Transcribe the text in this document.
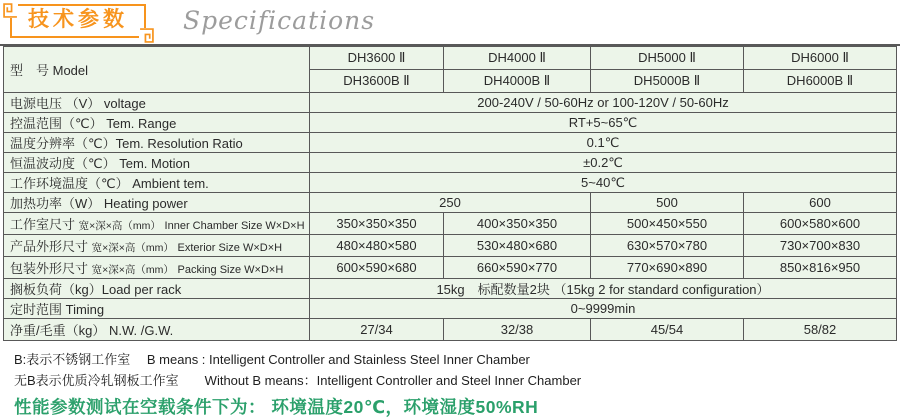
技术参数	Specifications
型　号 Model	DH3600 Ⅱ	DH4000 Ⅱ	DH5000 Ⅱ	DH6000 Ⅱ
	DH3600B Ⅱ	DH4000B Ⅱ	DH5000B Ⅱ	DH6000B Ⅱ
电源电压 （V） voltage	200-240V / 50-60Hz or 100-120V / 50-60Hz			
控温范围（℃） Tem. Range	RT+5~65℃			
温度分辨率（℃）Tem. Resolution Ratio	0.1℃			
恒温波动度（℃） Tem. Motion	±0.2℃			
工作环境温度（℃） Ambient tem.	5~40℃			
加热功率（W） Heating power	250		500	600
工作室尺寸 宽×深×高（mm） Inner Chamber Size W×D×H	350×350×350	400×350×350	500×450×550	600×580×600
产品外形尺寸 宽×深×高（mm） Exterior Size W×D×H	480×480×580	530×480×680	630×570×780	730×700×830
包装外形尺寸 宽×深×高（mm） Packing Size W×D×H	600×590×680	660×590×770	770×690×890	850×816×950
搁板负荷（kg）Load per rack	15kg　标配数量2块 （15kg 2 for standard configuration）			
定时范围 Timing	0~9999min			
净重/毛重（kg） N.W. /G.W.	27/34	32/38	45/54	58/82
B:表示不锈钢工作室　 B means : Intelligent Controller and Stainless Steel Inner Chamber
无B表示优质冷轧钢板工作室　　Without B means：Intelligent Controller and Steel Inner Chamber
性能参数测试在空载条件下为： 环境温度20℃，环境湿度50%RH
